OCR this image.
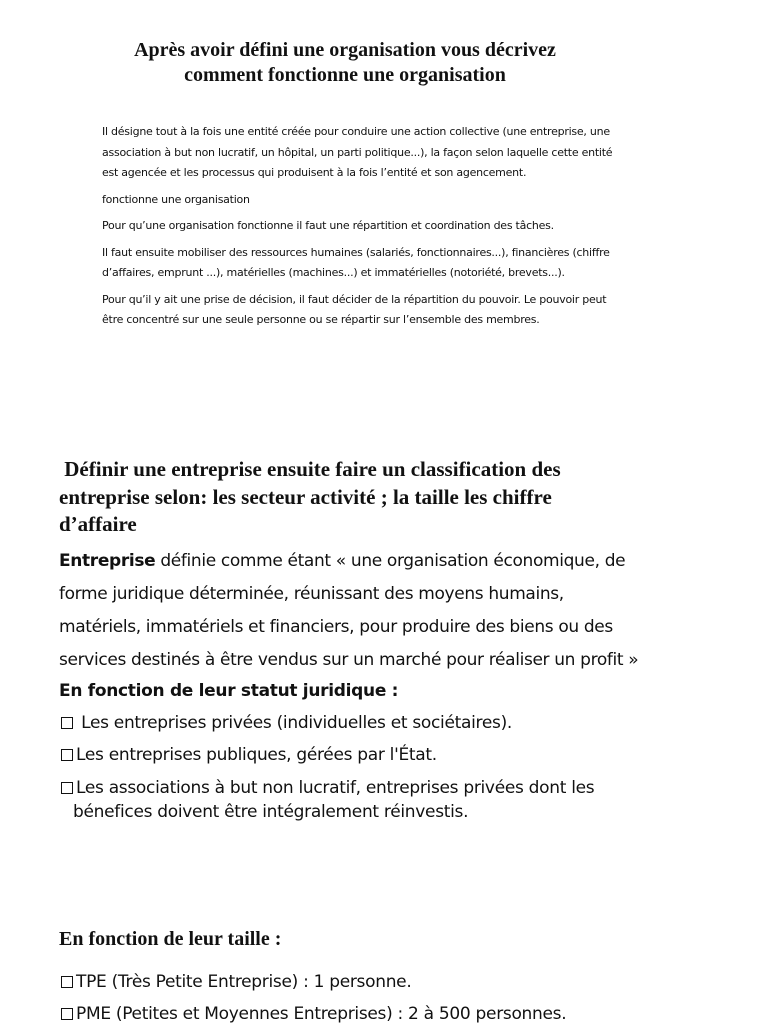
Après avoir défini une organisation vous décrivez
comment fonctionne une organisation

Il désigne tout à la fois une entité créée pour conduire une action collective (une entreprise, une
association à but non lucratif, un hôpital, un parti politique...), la façon selon laquelle cette entité
est agencée et les processus qui produisent à la fois l’entité et son agencement.

fonctionne une organisation

Pour qu’une organisation fonctionne il faut une répartition et coordination des tâches.

Il faut ensuite mobiliser des ressources humaines (salariés, fonctionnaires...), financières (chiffre
d’affaires, emprunt ...), matérielles (machines...) et immatérielles (notoriété, brevets...).

Pour qu’il y ait une prise de décision, il faut décider de la répartition du pouvoir. Le pouvoir peut
être concentré sur une seule personne ou se répartir sur l’ensemble des membres.

Définir une entreprise ensuite faire un classification des
entreprise selon: les secteur activité ; la taille les chiffre
d’affaire
Entreprise définie comme étant « une organisation économique, de
forme juridique déterminée, réunissant des moyens humains,
matériels, immatériels et financiers, pour produire des biens ou des
services destinés à être vendus sur un marché pour réaliser un profit »
En fonction de leur statut juridique :
Les entreprises privées (individuelles et sociétaires).
Les entreprises publiques, gérées par l'État.
Les associations à but non lucratif, entreprises privées dont les
bénefices doivent être intégralement réinvestis.
En fonction de leur taille :
TPE (Très Petite Entreprise) : 1 personne.
PME (Petites et Moyennes Entreprises) : 2 à 500 personnes.
